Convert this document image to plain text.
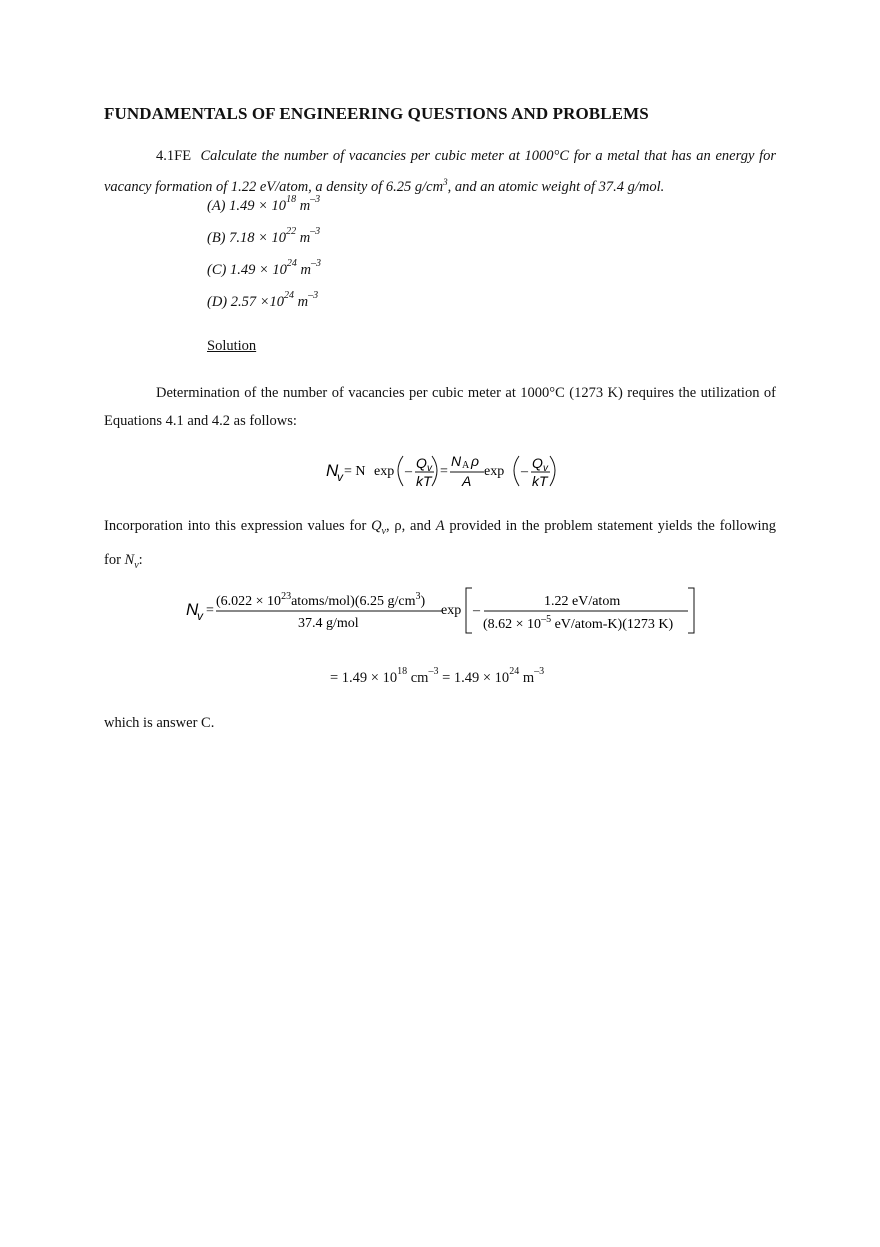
FUNDAMENTALS OF ENGINEERING QUESTIONS AND PROBLEMS
4.1FE Calculate the number of vacancies per cubic meter at 1000°C for a metal that has an energy for vacancy formation of 1.22 eV/atom, a density of 6.25 $g/cm^3$, and an atomic weight of 37.4 g/mol.
(A) $1.49 \times 10^{18}$ $m^{-3}$
(B) $7.18 \times 10^{22}$ $m^{-3}$
(C) $1.49 \times 10^{24}$ $m^{-3}$
(D) $2.57 \times 10^{24}$ $m^{-3}$
Solution
Determination of the number of vacancies per cubic meter at 1000°C (1273 K) requires the utilization of Equations 4.1 and 4.2 as follows:
N
v = N exp –
Q v
kT
=
N A ρ
A
exp –
Q v
kT
Incorporation into this expression values for $Q_v$, ρ, and A provided in the problem statement yields the following for $N_v$:
N
v =
$(6.022 \times 10^{23}atoms/mol)(6.25$ $g/cm^3$)
37.4 g/mol
exp –
1.22 eV/atom
($8.62 \times 10^{-5}$ eV/atom-K)(1273 K)
= $1.49 \times 10^{18}$ $cm^{-3} = 1.49 \times 10^{24}$ $m^{-3}$
which is answer C.
